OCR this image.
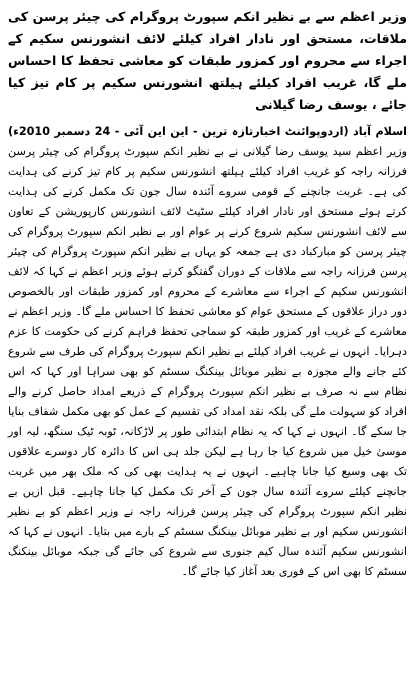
وزیر اعظم سے بے نظیر انکم سپورٹ پروگرام کی چیئر پرسن کی ملاقات، مستحق اور نادار افراد کیلئے لائف انشورنس سکیم کے اجراء سے محروم اور کمزور طبقات کو معاشی تحفظ کا احساس ملے گا، غریب افراد کیلئے ہیلتھ انشورنس سکیم پر کام تیز کیا جائے ، یوسف رضا گیلانی

اسلام آباد (اردوپوائنٹ اخبارتازہ ترین - این این آئی - 24 دسمبر 2010ء) وزیر اعظم سید یوسف رضا گیلانی نے بے نظیر انکم سپورٹ پروگرام کی چیئر پرسن فرزانہ راجہ کو غریب افراد کیلئے ہیلتھ انشورنس سکیم پر کام تیز کرنے کی ہدایت کی ہے۔ غربت جانچنے کے قومی سروے آئندہ سال جون تک مکمل کرنے کی ہدایت کرتے ہوئے مستحق اور نادار افراد کیلئے سٹیٹ لائف انشورنس کارپوریشن کے تعاون سے لائف انشورنس سکیم شروع کرنے پر عوام اور بے نظیر انکم سپورٹ پروگرام کی چیئر پرسن کو مبارکباد دی ہے جمعہ کو یہاں بے نظیر انکم سپورٹ پروگرام کی چیئر پرسن فرزانہ راجہ سے ملاقات کے دوران گفتگو کرتے ہوئے وزیر اعظم نے کہا کہ لائف انشورنس سکیم کے اجراء سے معاشرے کے محروم اور کمزور طبقات اور بالخصوص دور دراز علاقوں کے مستحق عوام کو معاشی تحفظ کا احساس ملے گا۔ وزیر اعظم نے معاشرے کے غریب اور کمزور طبقہ کو سماجی تحفظ فراہم کرنے کی حکومت کا عزم دہرایا۔ انہوں نے غریب افراد کیلئے بے نظیر انکم سپورٹ پروگرام کی طرف سے شروع کئے جانے والے مجوزہ بے نظیر موبائل بینکنگ سسٹم کو بھی سراہا اور کہا کہ اس نظام سے نہ صرف بے نظیر انکم سپورٹ پروگرام کے ذریعے امداد حاصل کرنے والے افراد کو سہولت ملے گی بلکہ نقد امداد کی تقسیم کے عمل کو بھی مکمل شفاف بنایا جا سکے گا۔ انہوں نے کہا کہ یہ نظام ابتدائی طور پر لاڑکانہ، ٹوبہ ٹیک سنگھ، لیہ اور موسیٰ خیل میں شروع کیا جا رہا ہے لیکن جلد ہی اس کا دائرہ کار دوسرے علاقوں تک بھی وسیع کیا جانا چاہیے۔ انہوں نے یہ ہدایت بھی کی کہ ملک بھر میں غربت جانچنے کیلئے سروے آئندہ سال جون کے آخر تک مکمل کیا جانا چاہیے۔ قبل ازیں بے نظیر انکم سپورٹ پروگرام کی چیئر پرسن فرزانہ راجہ نے وزیر اعظم کو بے نظیر انشورنس سکیم اور بے نظیر موبائل بینکنگ سسٹم کے بارے میں بتایا۔ انہوں نے کہا کہ انشورنس سکیم آئندہ سال کیم جنوری سے شروع کی جائے گی جبکہ موبائل بینکنگ سسٹم کا بھی اس کے فوری بعد آغاز کیا جائے گا۔
